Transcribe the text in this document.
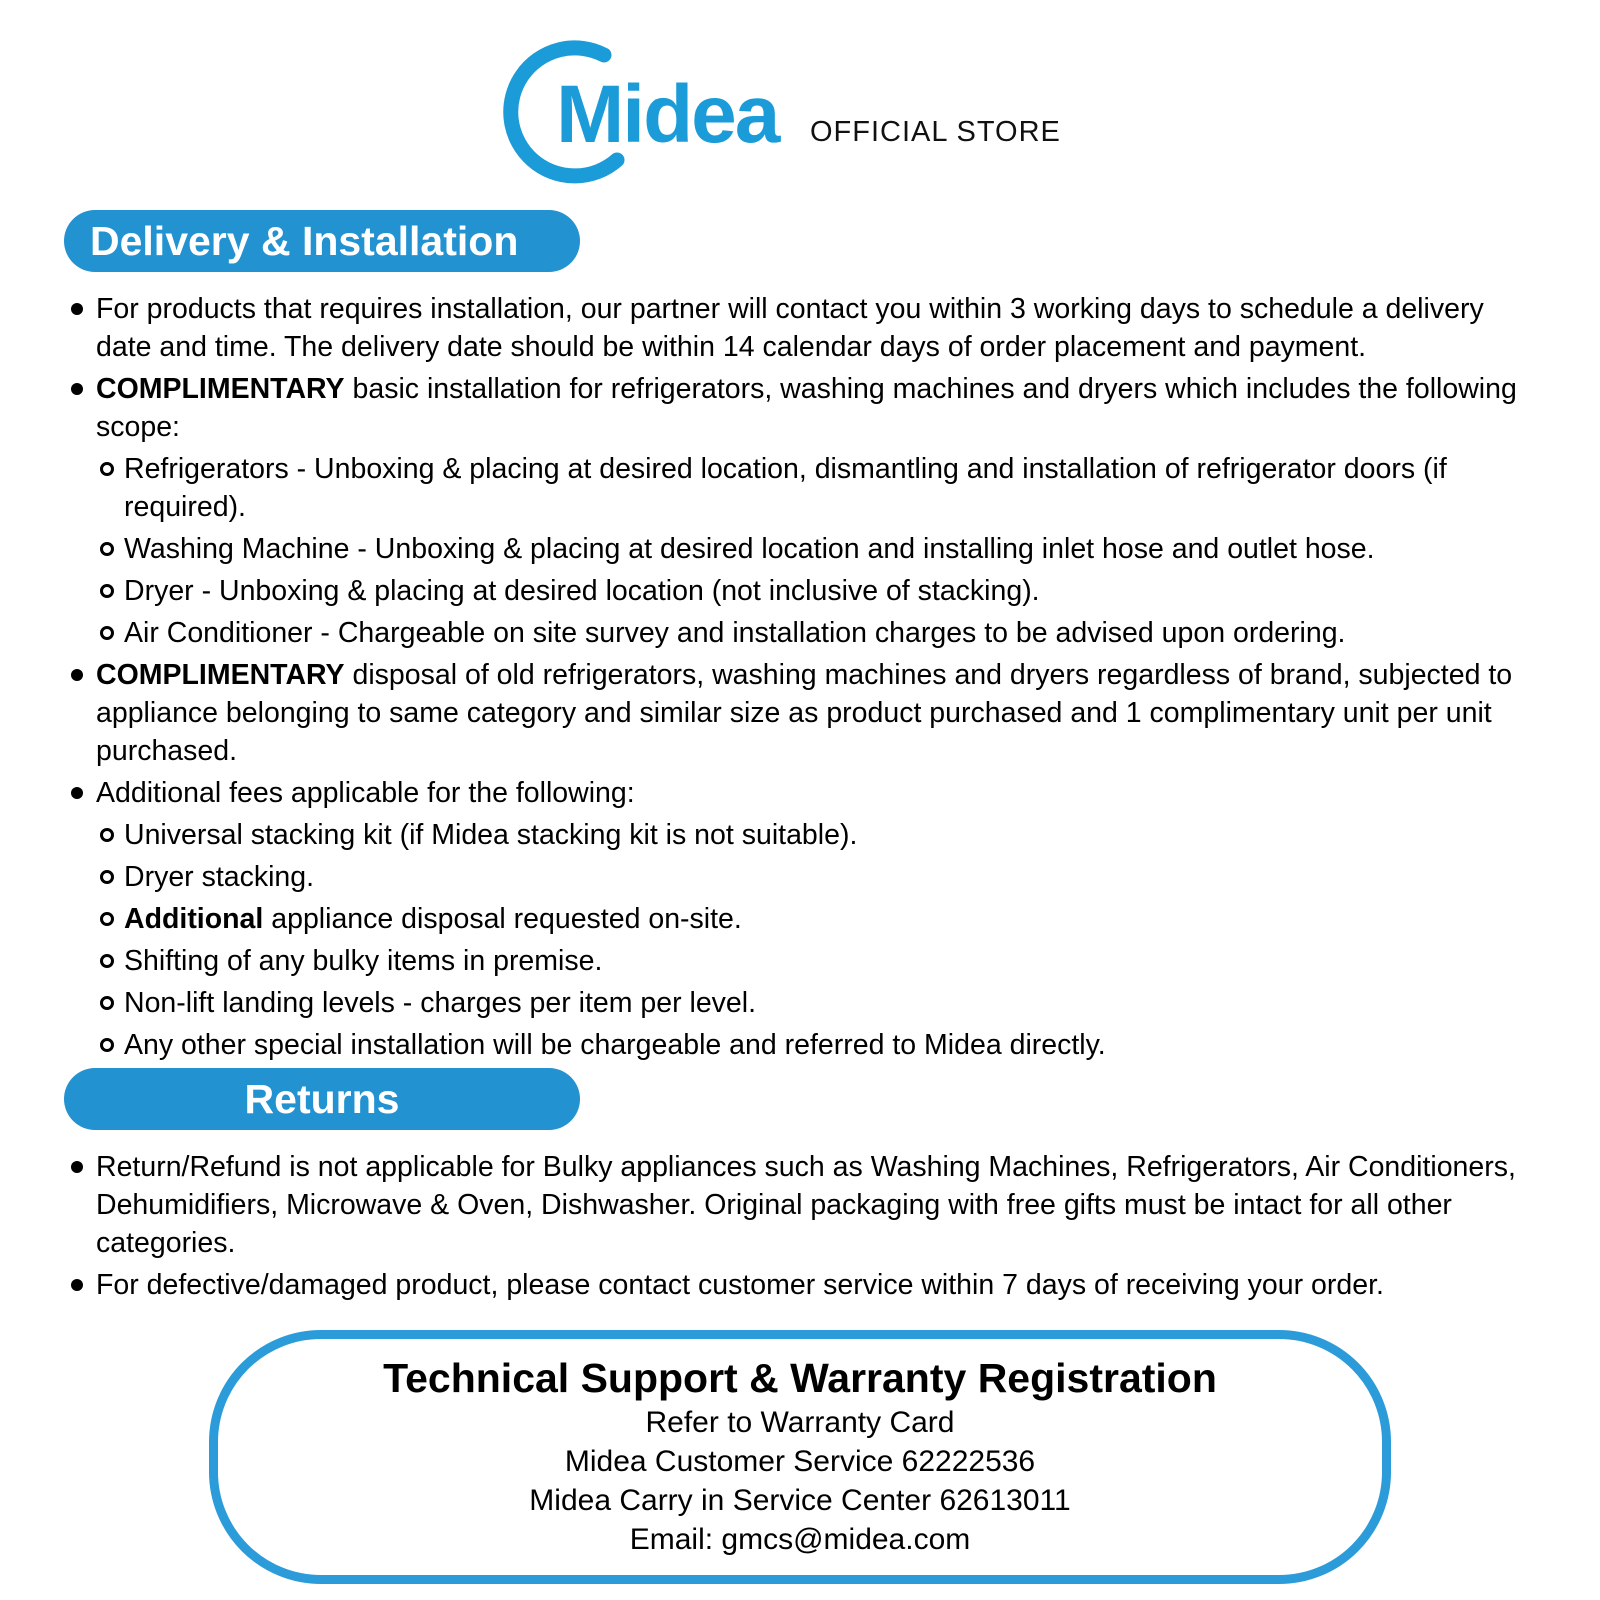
Midea OFFICIAL STORE
Delivery & Installation
For products that requires installation, our partner will contact you within 3 working days to schedule a delivery date and time. The delivery date should be within 14 calendar days of order placement and payment.
COMPLIMENTARY basic installation for refrigerators, washing machines and dryers which includes the following scope:
Refrigerators - Unboxing & placing at desired location, dismantling and installation of refrigerator doors (if required).
Washing Machine - Unboxing & placing at desired location and installing inlet hose and outlet hose.
Dryer - Unboxing & placing at desired location (not inclusive of stacking).
Air Conditioner - Chargeable on site survey and installation charges to be advised upon ordering.
COMPLIMENTARY disposal of old refrigerators, washing machines and dryers regardless of brand, subjected to appliance belonging to same category and similar size as product purchased and 1 complimentary unit per unit purchased.
Additional fees applicable for the following:
Universal stacking kit (if Midea stacking kit is not suitable).
Dryer stacking.
Additional appliance disposal requested on-site.
Shifting of any bulky items in premise.
Non-lift landing levels - charges per item per level.
Any other special installation will be chargeable and referred to Midea directly.
Returns
Return/Refund is not applicable for Bulky appliances such as Washing Machines, Refrigerators, Air Conditioners, Dehumidifiers, Microwave & Oven, Dishwasher. Original packaging with free gifts must be intact for all other categories.
For defective/damaged product, please contact customer service within 7 days of receiving your order.
Technical Support & Warranty Registration
Refer to Warranty Card
Midea Customer Service 62222536
Midea Carry in Service Center 62613011
Email: gmcs@midea.com
